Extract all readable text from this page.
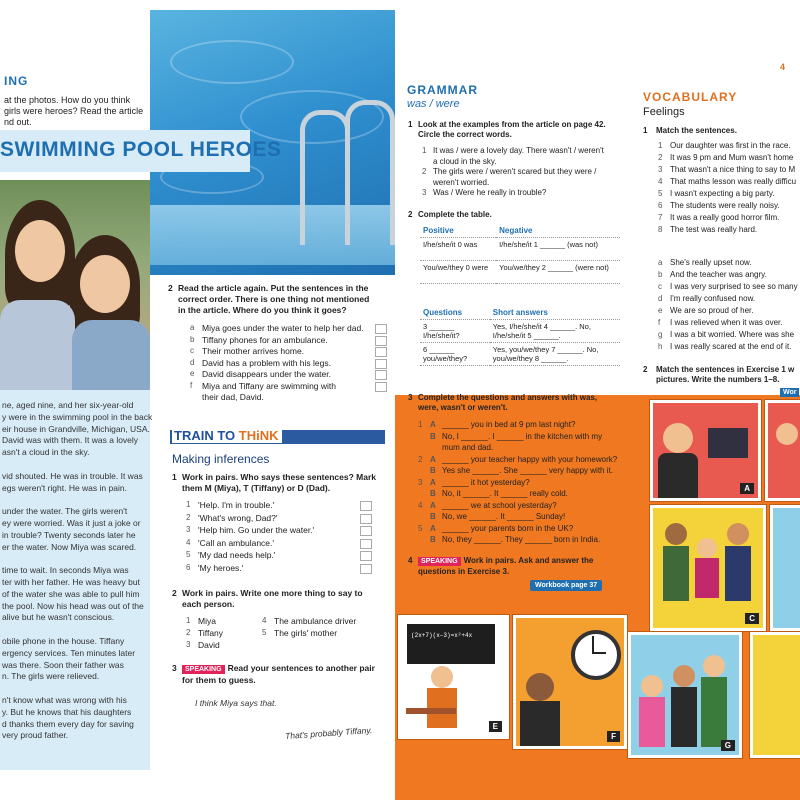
ING
at the photos. How do you think
girls were heroes? Read the article
nd out.
SWIMMING POOL HEROES
ne, aged nine, and her six-year-old
y were in the swimming pool in the back
eir house in Grandville, Michigan, USA.
David was with them. It was a lovely
asn't a cloud in the sky.
vid shouted. He was in trouble. It was
egs weren't right. He was in pain.
under the water. The girls weren't
ey were worried. Was it just a joke or
in trouble? Twenty seconds later he
er the water. Now Miya was scared.
time to wait. In seconds Miya was
ter with her father. He was heavy but
of the water she was able to pull him
the pool. Now his head was out of the
alive but he wasn't conscious.
obile phone in the house. Tiffany
ergency services. Ten minutes later
was there. Soon their father was
n. The girls were relieved.
n't know what was wrong with his
y. But he knows that his daughters
d thanks them every day for saving
very proud father.
2 Read the article again. Put the sentences in the
correct order. There is one thing not mentioned
in the article. Where do you think it goes?
a Miya goes under the water to help her dad.
b Tiffany phones for an ambulance.
c Their mother arrives home.
d David has a problem with his legs.
e David disappears under the water.
f Miya and Tiffany are swimming with
their dad, David.
TRAIN TO THiNK
Making inferences
1 Work in pairs. Who says these sentences? Mark
them M (Miya), T (Tiffany) or D (Dad).
1 'Help. I'm in trouble.'
2 'What's wrong, Dad?'
3 'Help him. Go under the water.'
4 'Call an ambulance.'
5 'My dad needs help.'
6 'My heroes.'
2 Work in pairs. Write one more thing to say to
each person.
1 Miya
2 Tiffany
3 David
4 The ambulance driver
5 The girls' mother
3	SPEAKING Read your sentences to another pair
for them to guess.
I think Miya says that.
That's probably Tiffany.
4
GRAMMAR
was / were
1 Look at the examples from the article on page 42.
Circle the correct words.
1 It was / were a lovely day. There wasn't / weren't
a cloud in the sky.
2 The girls were / weren't scared but they were /
weren't worried.
3 Was / Were he really in trouble?
2 Complete the table.
Positive	Negative
I/he/she/it 0 was	I/he/she/it 1 ______ (was not)
You/we/they 0 were	You/we/they 2 ______ (were not)
Questions	Short answers
3 ______ I/he/she/it?	Yes, I/he/she/it 4 ______. No, I/he/she/it 5 ______.
6 ______ you/we/they?	Yes, you/we/they 7 ______. No, you/we/they 8 ______.
3 Complete the questions and answers with was,
were, wasn't or weren't.
1 A ______ you in bed at 9 pm last night?
B No, I ______. I ______ in the kitchen with my
mum and dad.
2 A ______ your teacher happy with your homework?
B Yes she ______. She ______ very happy with it.
3 A ______ it hot yesterday?
B No, it ______. It ______ really cold.
4 A ______ we at school yesterday?
B No, we ______. It ______ Sunday!
5 A ______ your parents born in the UK?
B No, they ______. They ______ born in India.
4	SPEAKING Work in pairs. Ask and answer the
questions in Exercise 3.
Workbook page 37
VOCABULARY
Feelings
1 Match the sentences.
1 Our daughter was first in the race.
2 It was 9 pm and Mum wasn't home
3 That wasn't a nice thing to say to M
4 That maths lesson was really difficu
5 I wasn't expecting a big party.
6 The students were really noisy.
7 It was a really good horror film.
8 The test was really hard.
a She's really upset now.
b And the teacher was angry.
c I was very surprised to see so many
d I'm really confused now.
e We are so proud of her.
f I was relieved when it was over.
g I was a bit worried. Where was she
h I was really scared at the end of it.
2 Match the sentences in Exercise 1 w
pictures. Write the numbers 1–8.
Wor
A
C
(2x+7)(x–3)=x²+4x
E
F
G
